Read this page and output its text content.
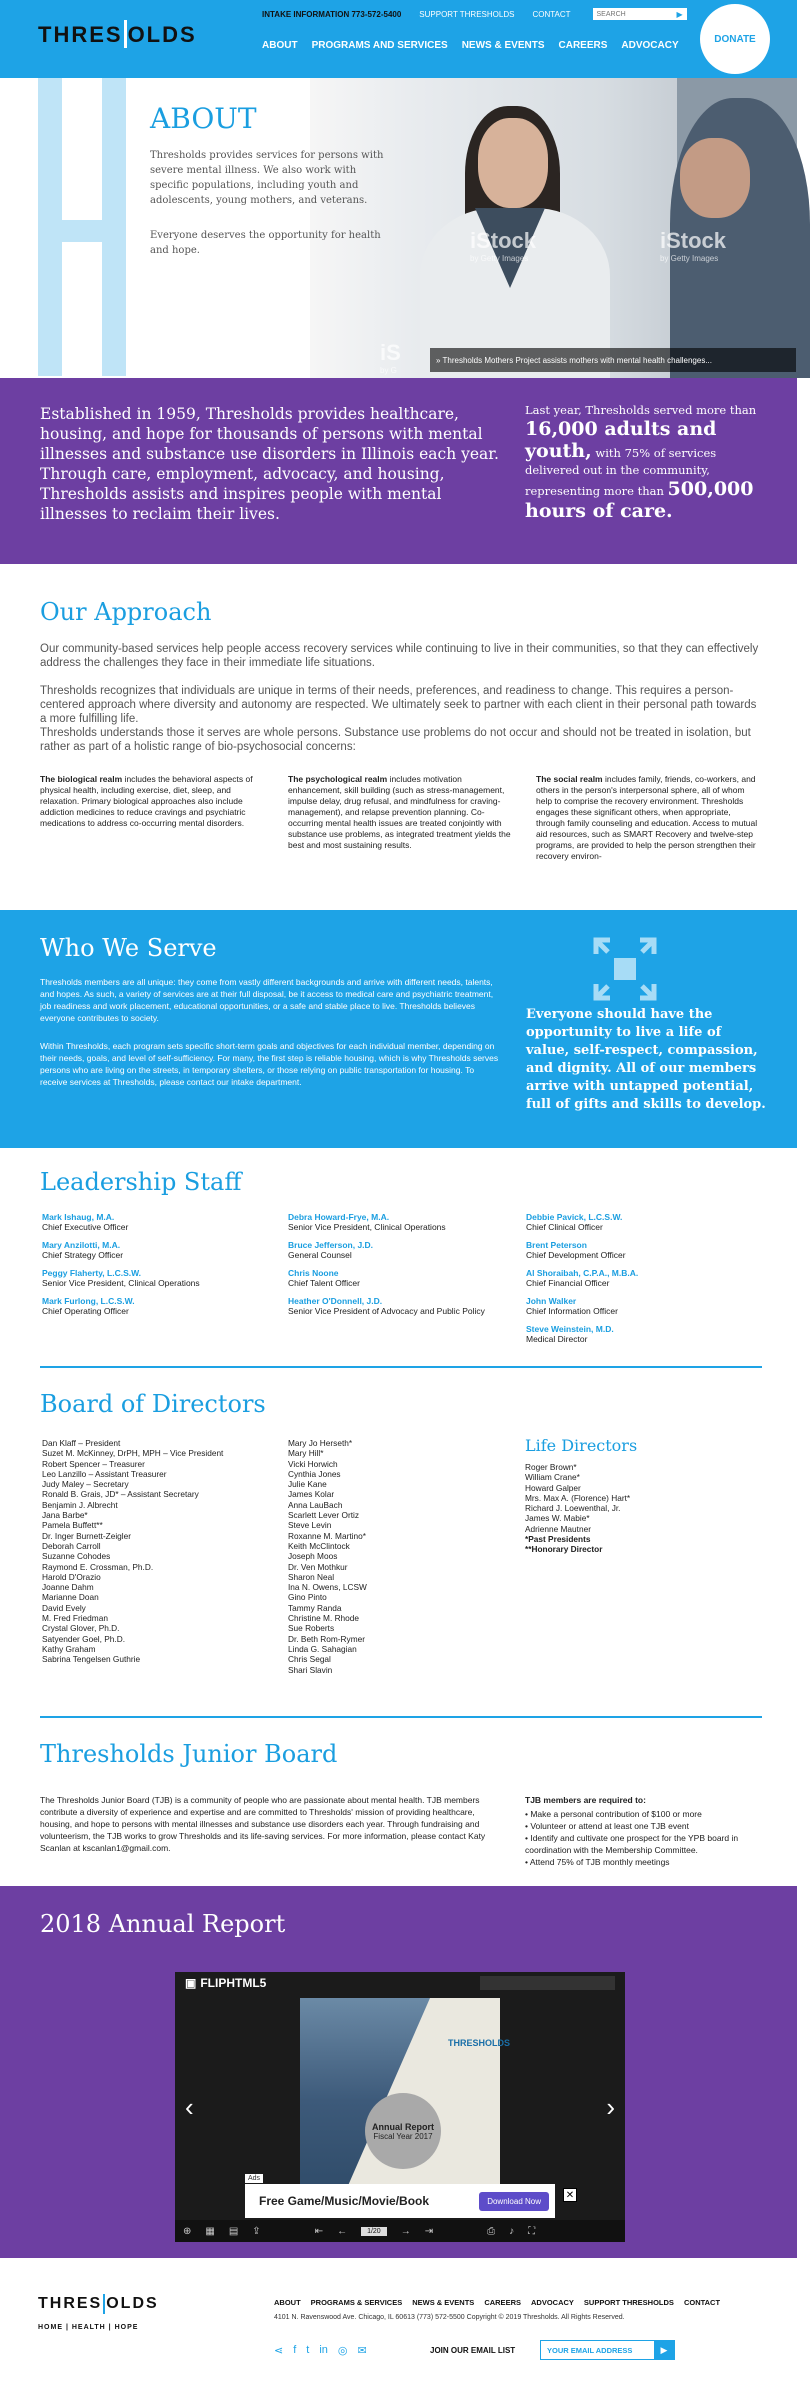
THRES OLDS
INTAKE INFORMATION 773-572-5400 SUPPORT THRESHOLDS CONTACT
SEARCH	▶
ABOUT PROGRAMS AND SERVICES NEWS & EVENTS CAREERS ADVOCACY
DONATE
iStock
by Getty Images
iStock
by Getty Images
iS
by G
ABOUT

Thresholds provides services for persons with severe mental illness. We also work with specific populations, including youth and adolescents, young mothers, and veterans.

Everyone deserves the opportunity for health and hope.

» Thresholds Mothers Project assists mothers with mental health challenges...
Established in 1959, Thresholds provides healthcare, housing, and hope for thousands of persons with mental illnesses and substance use disorders in Illinois each year. Through care, employment, advocacy, and housing, Thresholds assists and inspires people with mental illnesses to reclaim their lives.
Last year, Thresholds served more than 16,000 adults and youth, with 75% of services delivered out in the community, representing more than 500,000 hours of care.
Our Approach

Our community-based services help people access recovery services while continuing to live in their communities, so that they can effectively address the challenges they face in their immediate life situations.

Thresholds recognizes that individuals are unique in terms of their needs, preferences, and readiness to change. This requires a person-centered approach where diversity and autonomy are respected. We ultimately seek to partner with each client in their personal path towards a more fulfilling life.

Thresholds understands those it serves are whole persons. Substance use problems do not occur and should not be treated in isolation, but rather as part of a holistic range of bio-psychosocial concerns:

The biological realm includes the behavioral aspects of physical health, including exercise, diet, sleep, and relaxation. Primary biological approaches also include addiction medicines to reduce cravings and psychiatric medications to address co-occurring mental disorders.

The psychological realm includes motivation enhancement, skill building (such as stress-management, impulse delay, drug refusal, and mindfulness for craving-management), and relapse prevention planning. Co-occurring mental health issues are treated conjointly with substance use problems, as integrated treatment yields the best and most sustaining results.

The social realm includes family, friends, co-workers, and others in the person's interpersonal sphere, all of whom help to comprise the recovery environment. Thresholds engages these significant others, when appropriate, through family counseling and education. Access to mutual aid resources, such as SMART Recovery and twelve-step programs, are provided to help the person strengthen their recovery environ-

Who We Serve

Thresholds members are all unique: they come from vastly different backgrounds and arrive with different needs, talents, and hopes. As such, a variety of services are at their full disposal, be it access to medical care and psychiatric treatment, job readiness and work placement, educational opportunities, or a safe and stable place to live. Thresholds believes everyone contributes to society.

Within Thresholds, each program sets specific short-term goals and objectives for each individual member, depending on their needs, goals, and level of self-sufficiency. For many, the first step is reliable housing, which is why Thresholds serves persons who are living on the streets, in temporary shelters, or those relying on public transportation for housing. To receive services at Thresholds, please contact our intake department.

Everyone should have the opportunity to live a life of value, self-respect, compassion, and dignity. All of our members arrive with untapped potential, full of gifts and skills to develop.

Leadership Staff
Mark Ishaug, M.A.
Chief Executive Officer
Mary Anzilotti, M.A.
Chief Strategy Officer
Peggy Flaherty, L.C.S.W.
Senior Vice President, Clinical Operations
Mark Furlong, L.C.S.W.
Chief Operating Officer
Debra Howard-Frye, M.A.
Senior Vice President, Clinical Operations
Bruce Jefferson, J.D.
General Counsel
Chris Noone
Chief Talent Officer
Heather O'Donnell, J.D.
Senior Vice President of Advocacy and Public Policy
Debbie Pavick, L.C.S.W.
Chief Clinical Officer
Brent Peterson
Chief Development Officer
Al Shoraibah, C.P.A., M.B.A.
Chief Financial Officer
John Walker
Chief Information Officer
Steve Weinstein, M.D.
Medical Director
Board of Directors
Dan Klaff – President
Suzet M. McKinney, DrPH, MPH – Vice President
Robert Spencer – Treasurer
Leo Lanzillo – Assistant Treasurer
Judy Maley – Secretary
Ronald B. Grais, JD* – Assistant Secretary
Benjamin J. Albrecht
Jana Barbe*
Pamela Buffett**
Dr. Inger Burnett-Zeigler
Deborah Carroll
Suzanne Cohodes
Raymond E. Crossman, Ph.D.
Harold D'Orazio
Joanne Dahm
Marianne Doan
David Evely
M. Fred Friedman
Crystal Glover, Ph.D.
Satyender Goel, Ph.D.
Kathy Graham
Sabrina Tengelsen Guthrie
Mary Jo Herseth*
Mary Hill*
Vicki Horwich
Cynthia Jones
Julie Kane
James Kolar
Anna LauBach
Scarlett Lever Ortiz
Steve Levin
Roxanne M. Martino*
Keith McClintock
Joseph Moos
Dr. Ven Mothkur
Sharon Neal
Ina N. Owens, LCSW
Gino Pinto
Tammy Randa
Christine M. Rhode
Sue Roberts
Dr. Beth Rom-Rymer
Linda G. Sahagian
Chris Segal
Shari Slavin
Life Directors
Roger Brown*
William Crane*
Howard Galper
Mrs. Max A. (Florence) Hart*
Richard J. Loewenthal, Jr.
James W. Mabie*
Adrienne Mautner
*Past Presidents
**Honorary Director
Thresholds Junior Board

The Thresholds Junior Board (TJB) is a community of people who are passionate about mental health. TJB members contribute a diversity of experience and expertise and are committed to Thresholds' mission of providing healthcare, housing, and hope to persons with mental illnesses and substance use disorders each year. Through fundraising and volunteerism, the TJB works to grow Thresholds and its life-saving services. For more information, please contact Katy Scanlan at kscanlan1@gmail.com.

TJB members are required to:
• Make a personal contribution of $100 or more
• Volunteer or attend at least one TJB event
• Identify and cultivate one prospect for the YPB board in coordination with the Membership Committee.
• Attend 75% of TJB monthly meetings
2018 Annual Report
▣ FLIPHTML5
THRESHOLDS
Annual Report
Fiscal Year 2017
‹	›
Ads
Free Game/Music/Movie/Book	Download Now
✕
⊕ ▦ ▤ ⇪	⇤ ←	1/20	→ ⇥	⎙ ♪ ⛶
THRES OLDS
HOME | HEALTH | HOPE
ABOUT PROGRAMS & SERVICES NEWS & EVENTS CAREERS ADVOCACY SUPPORT THRESHOLDS CONTACT
4101 N. Ravenswood Ave. Chicago, IL 60613 (773) 572-5500 Copyright © 2019 Thresholds. All Rights Reserved.
⋖ f t in ◎ ✉	JOIN OUR EMAIL LIST	YOUR EMAIL ADDRESS	▶
